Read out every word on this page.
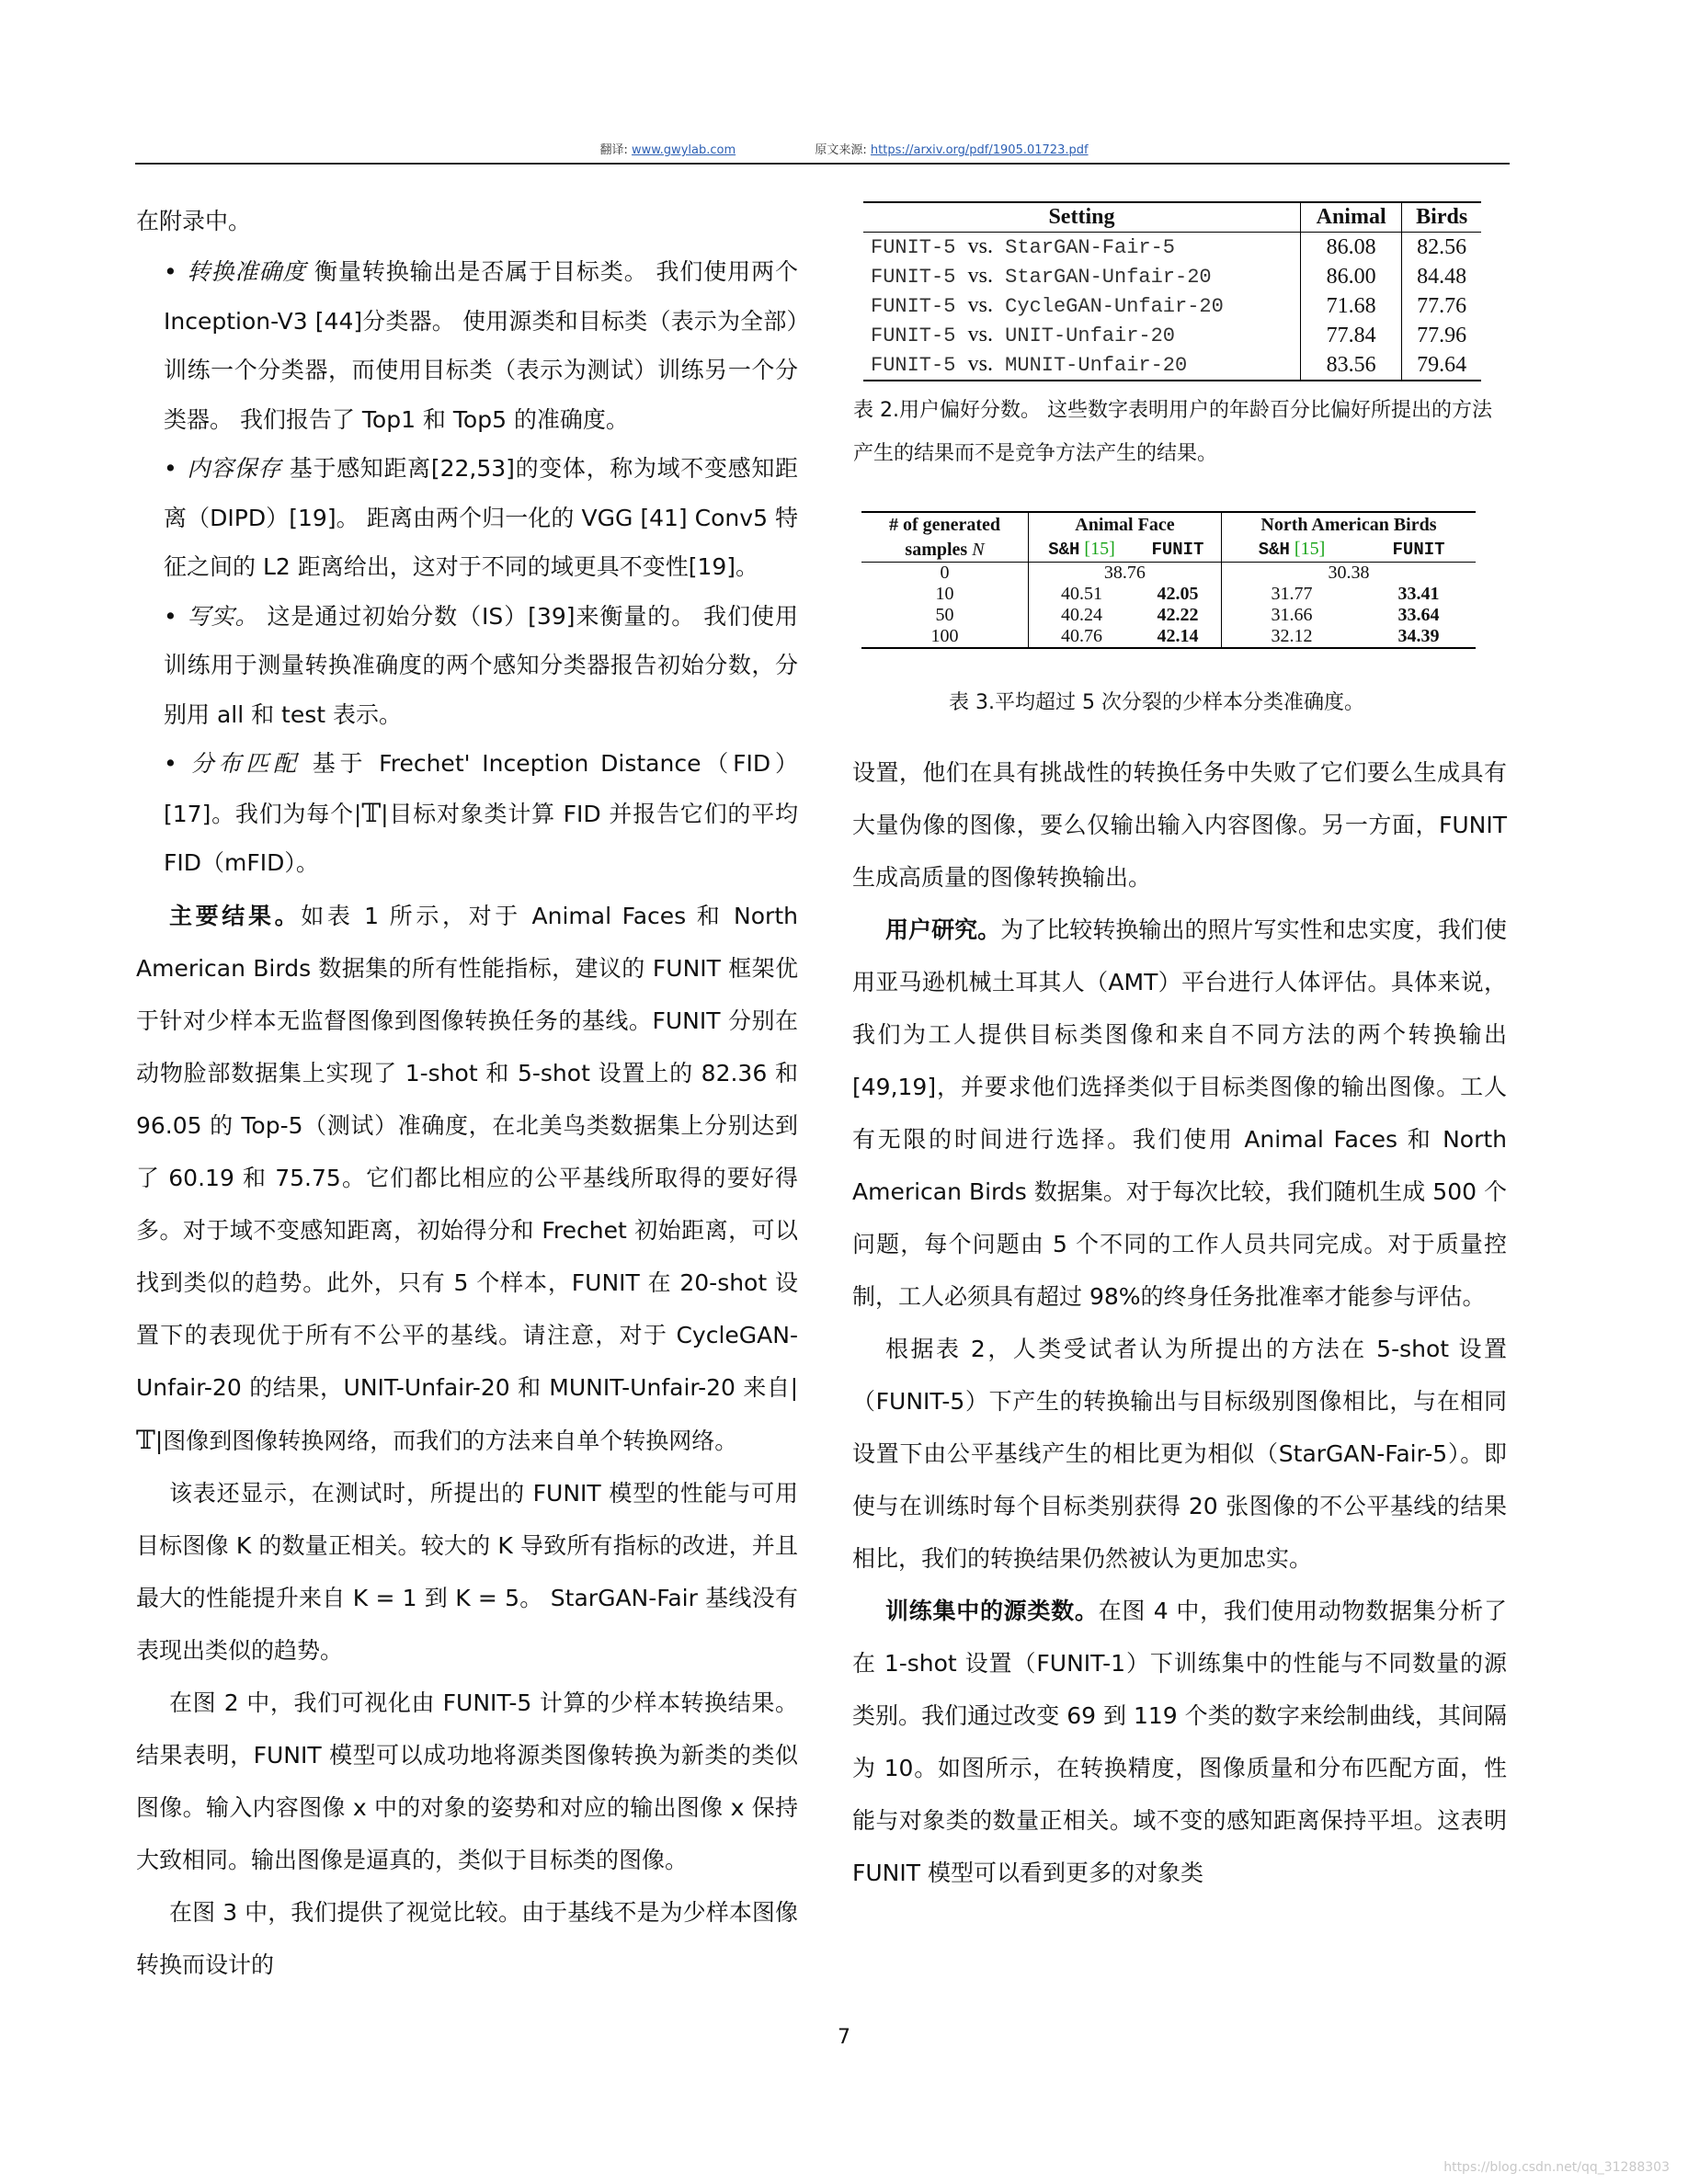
翻译: www.gwylab.com	原文来源: https://arxiv.org/pdf/1905.01723.pdf

在附录中。

• 转换准确度 衡量转换输出是否属于目标类。 我们使用两个Inception-V3 [44]分类器。 使用源类和目标类（表示为全部）训练一个分类器，而使用目标类（表示为测试）训练另一个分类器。 我们报告了 Top1 和 Top5 的准确度。
• 内容保存 基于感知距离[22,53]的变体，称为域不变感知距离（DIPD）[19]。 距离由两个归一化的 VGG [41] Conv5 特征之间的 L2 距离给出，这对于不同的域更具不变性[19]。
• 写实。 这是通过初始分数（IS）[39]来衡量的。 我们使用训练用于测量转换准确度的两个感知分类器报告初始分数，分别用 all 和 test 表示。
• 分布匹配 基于 Frechet' Inception Distance（FID）[17]。我们为每个|𝕋|目标对象类计算 FID 并报告它们的平均 FID（mFID）。

主要结果。如表 1 所示，对于 Animal Faces 和 North American Birds 数据集的所有性能指标，建议的 FUNIT 框架优于针对少样本无监督图像到图像转换任务的基线。FUNIT 分别在动物脸部数据集上实现了 1-shot 和 5-shot 设置上的 82.36 和 96.05 的 Top-5（测试）准确度，在北美鸟类数据集上分别达到了 60.19 和 75.75。它们都比相应的公平基线所取得的要好得多。对于域不变感知距离，初始得分和 Frechet 初始距离，可以找到类似的趋势。此外，只有 5 个样本，FUNIT 在 20-shot 设置下的表现优于所有不公平的基线。请注意，对于 CycleGAN-Unfair-20 的结果，UNIT-Unfair-20 和 MUNIT-Unfair-20 来自|𝕋|图像到图像转换网络，而我们的方法来自单个转换网络。

该表还显示，在测试时，所提出的 FUNIT 模型的性能与可用目标图像 K 的数量正相关。较大的 K 导致所有指标的改进，并且最大的性能提升来自 K = 1 到 K = 5。 StarGAN-Fair 基线没有表现出类似的趋势。

在图 2 中，我们可视化由 FUNIT-5 计算的少样本转换结果。结果表明，FUNIT 模型可以成功地将源类图像转换为新类的类似图像。输入内容图像 x 中的对象的姿势和对应的输出图像 x 保持大致相同。输出图像是逼真的，类似于目标类的图像。

在图 3 中，我们提供了视觉比较。由于基线不是为少样本图像转换而设计的

Setting	Animal	Birds
FUNIT-5 vs. StarGAN-Fair-5	86.08	82.56
FUNIT-5 vs. StarGAN-Unfair-20	86.00	84.48
FUNIT-5 vs. CycleGAN-Unfair-20	71.68	77.76
FUNIT-5 vs. UNIT-Unfair-20	77.84	77.96
FUNIT-5 vs. MUNIT-Unfair-20	83.56	79.64
表 2.用户偏好分数。 这些数字表明用户的年龄百分比偏好所提出的方法产生的结果而不是竞争方法产生的结果。
# of generated	Animal Face		North American Birds	
samples N	S&H [15]	FUNIT	S&H [15]	FUNIT
0	38.76		30.38	
10	40.51	42.05	31.77	33.41
50	40.24	42.22	31.66	33.64
100	40.76	42.14	32.12	34.39
表 3.平均超过 5 次分裂的少样本分类准确度。

设置，他们在具有挑战性的转换任务中失败了它们要么生成具有大量伪像的图像，要么仅输出输入内容图像。另一方面，FUNIT 生成高质量的图像转换输出。

用户研究。为了比较转换输出的照片写实性和忠实度，我们使用亚马逊机械土耳其人（AMT）平台进行人体评估。具体来说，我们为工人提供目标类图像和来自不同方法的两个转换输出[49,19]，并要求他们选择类似于目标类图像的输出图像。工人有无限的时间进行选择。我们使用 Animal Faces 和 North American Birds 数据集。对于每次比较，我们随机生成 500 个问题，每个问题由 5 个不同的工作人员共同完成。对于质量控制，工人必须具有超过 98%的终身任务批准率才能参与评估。

根据表 2，人类受试者认为所提出的方法在 5-shot 设置（FUNIT-5）下产生的转换输出与目标级别图像相比，与在相同设置下由公平基线产生的相比更为相似（StarGAN-Fair-5）。即使与在训练时每个目标类别获得 20 张图像的不公平基线的结果相比，我们的转换结果仍然被认为更加忠实。

训练集中的源类数。在图 4 中，我们使用动物数据集分析了在 1-shot 设置（FUNIT-1）下训练集中的性能与不同数量的源类别。我们通过改变 69 到 119 个类的数字来绘制曲线，其间隔为 10。如图所示，在转换精度，图像质量和分布匹配方面，性能与对象类的数量正相关。域不变的感知距离保持平坦。这表明 FUNIT 模型可以看到更多的对象类

7
https://blog.csdn.net/qq_31288303
